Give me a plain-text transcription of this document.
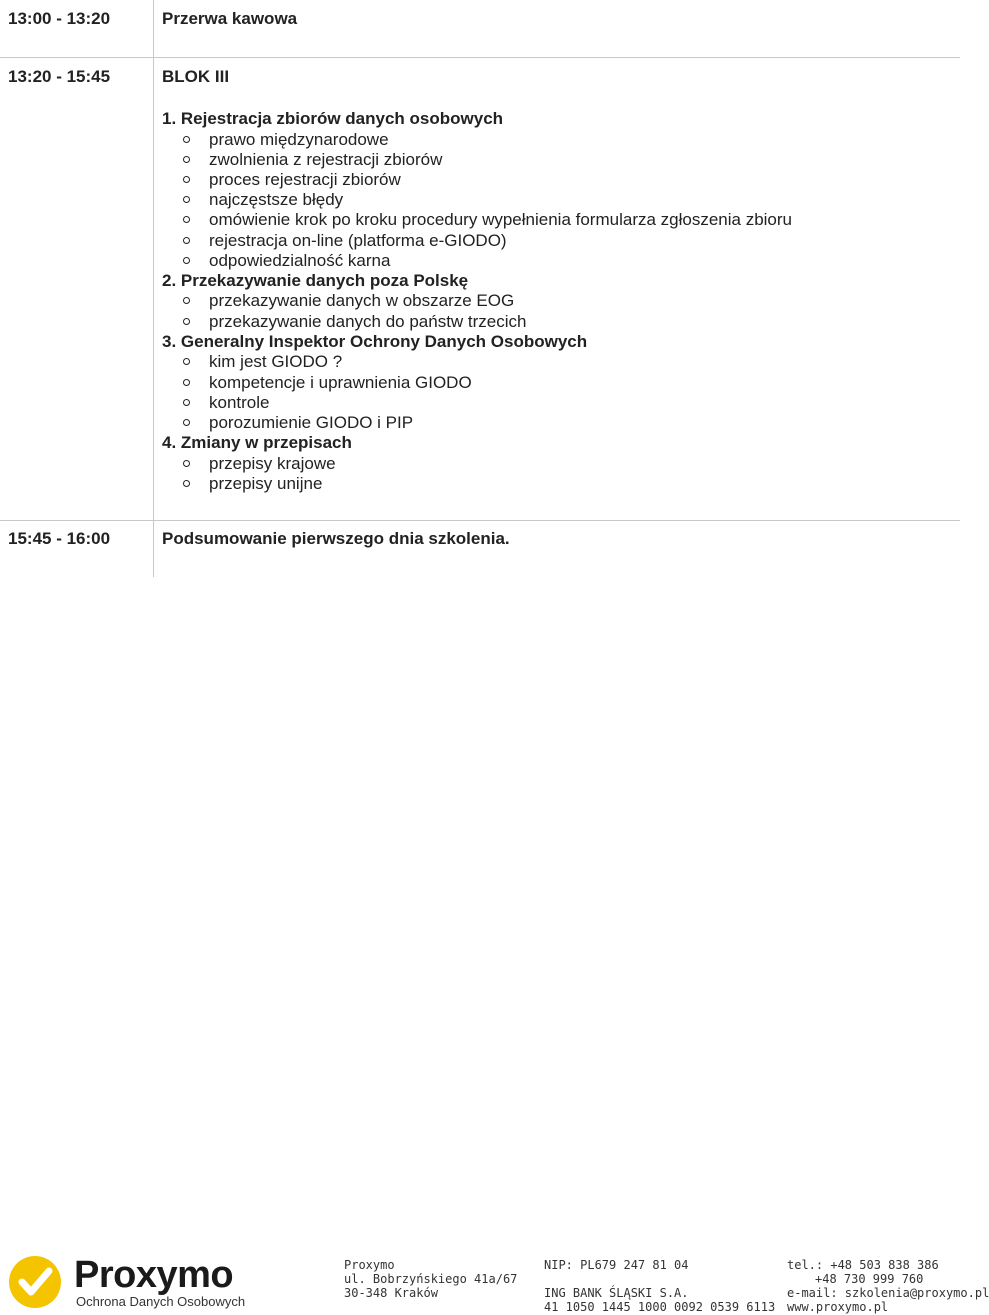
13:00 - 13:20	Przerwa kawowa
13:20 - 15:45	BLOK III
1. Rejestracja zbiorów danych osobowych
prawo międzynarodowe
zwolnienia z rejestracji zbiorów
proces rejestracji zbiorów
najczęstsze błędy
omówienie krok po kroku procedury wypełnienia formularza zgłoszenia zbioru
rejestracja on-line (platforma e-GIODO)
odpowiedzialność karna
2. Przekazywanie danych poza Polskę
przekazywanie danych w obszarze EOG
przekazywanie danych do państw trzecich
3. Generalny Inspektor Ochrony Danych Osobowych
kim jest GIODO ?
kompetencje i uprawnienia GIODO
kontrole
porozumienie GIODO i PIP
4. Zmiany w przepisach
przepisy krajowe
przepisy unijne
15:45 - 16:00	Podsumowanie pierwszego dnia szkolenia.
Proxymo
Ochrona Danych Osobowych
Proxymo
ul. Bobrzyńskiego 41a/67
30-348 Kraków
NIP: PL679 247 81 04

ING BANK ŚLĄSKI S.A.
41 1050 1445 1000 0092 0539 6113
tel.: +48 503 838 386
+48 730 999 760
e-mail: szkolenia@proxymo.pl
www.proxymo.pl
